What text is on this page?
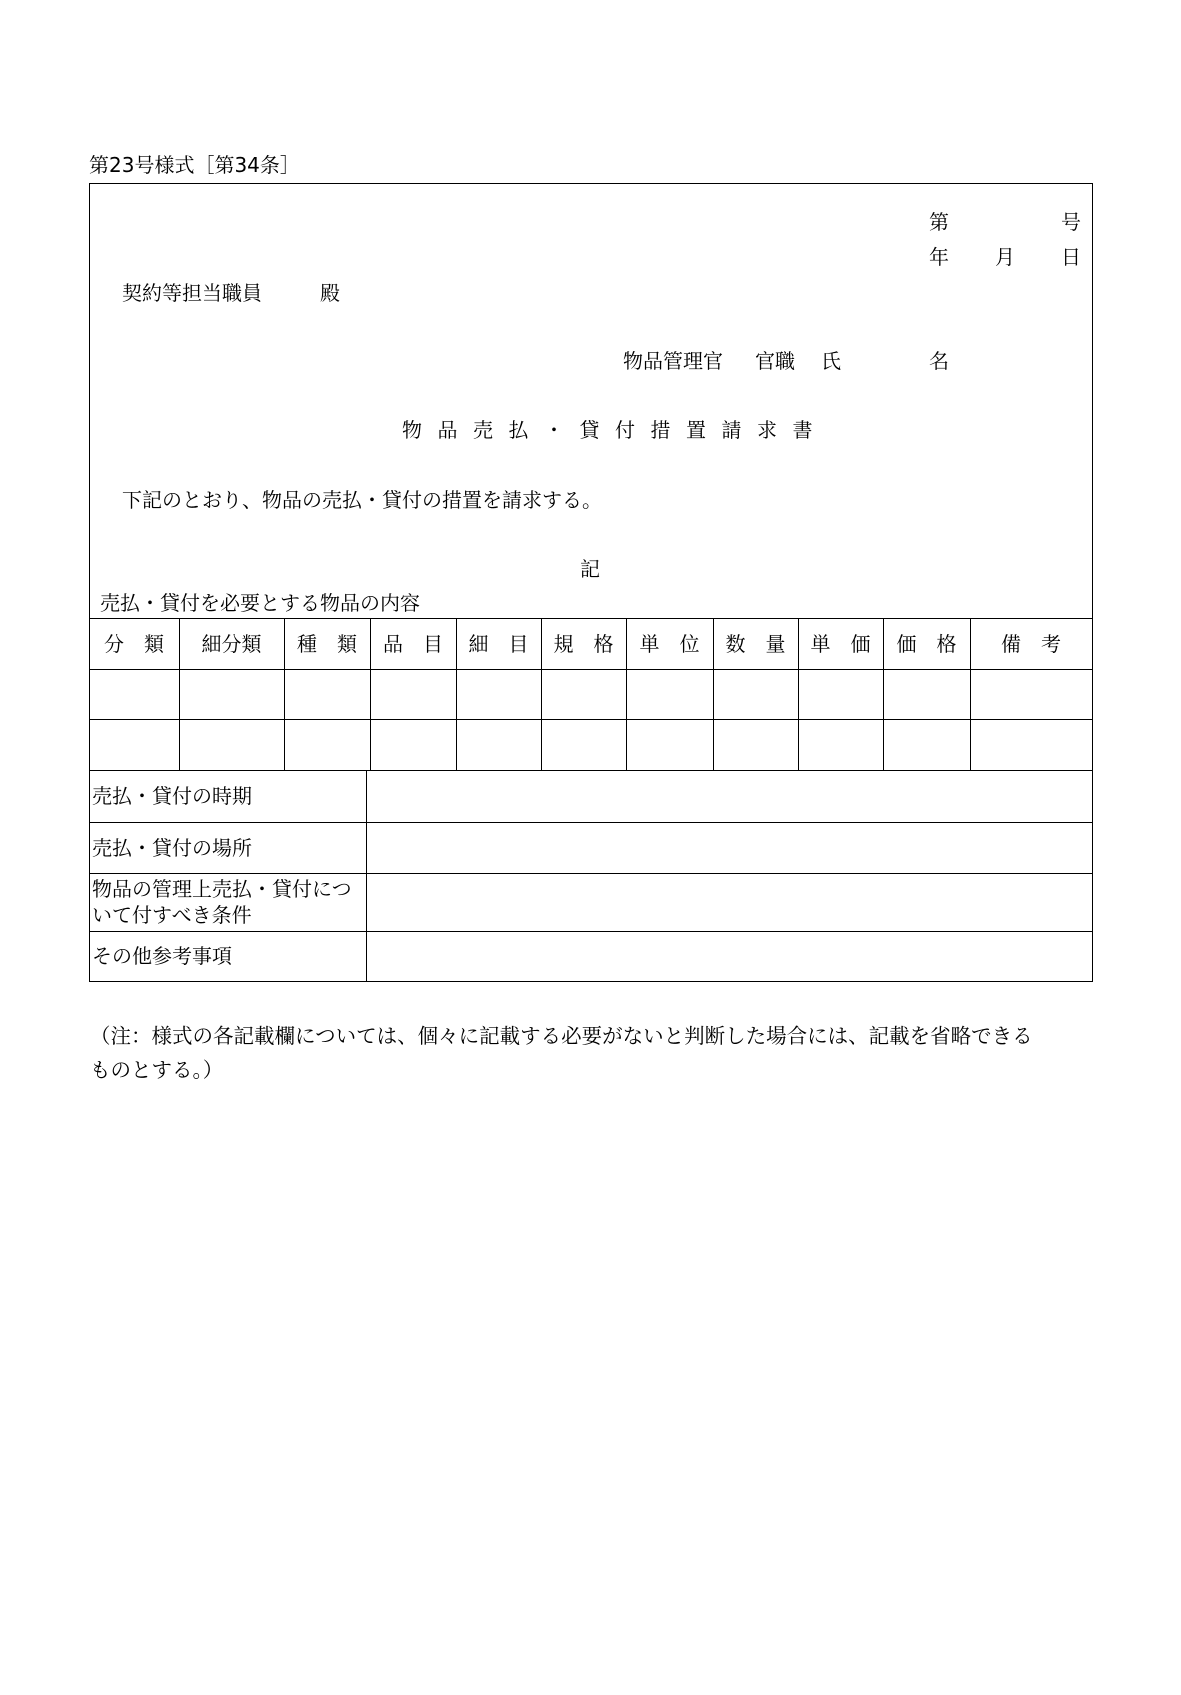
第23号様式［第34条］
第	号
年 月 日
契約等担当職員	殿
物品管理官 官職 氏	名
物品売払・貸付措置請求書
下記のとおり、物品の売払・貸付の措置を請求する。
記
売払・貸付を必要とする物品の内容
分　類	細分類	種　類	品　目	細　目	規　格	単　位	数　量	単　価	価　格	備　考
売払・貸付の時期
売払・貸付の場所
物品の管理上売払・貸付について付すべき条件
その他参考事項
（注：様式の各記載欄については、個々に記載する必要がないと判断した場合には、記載を省略できる
ものとする。）
